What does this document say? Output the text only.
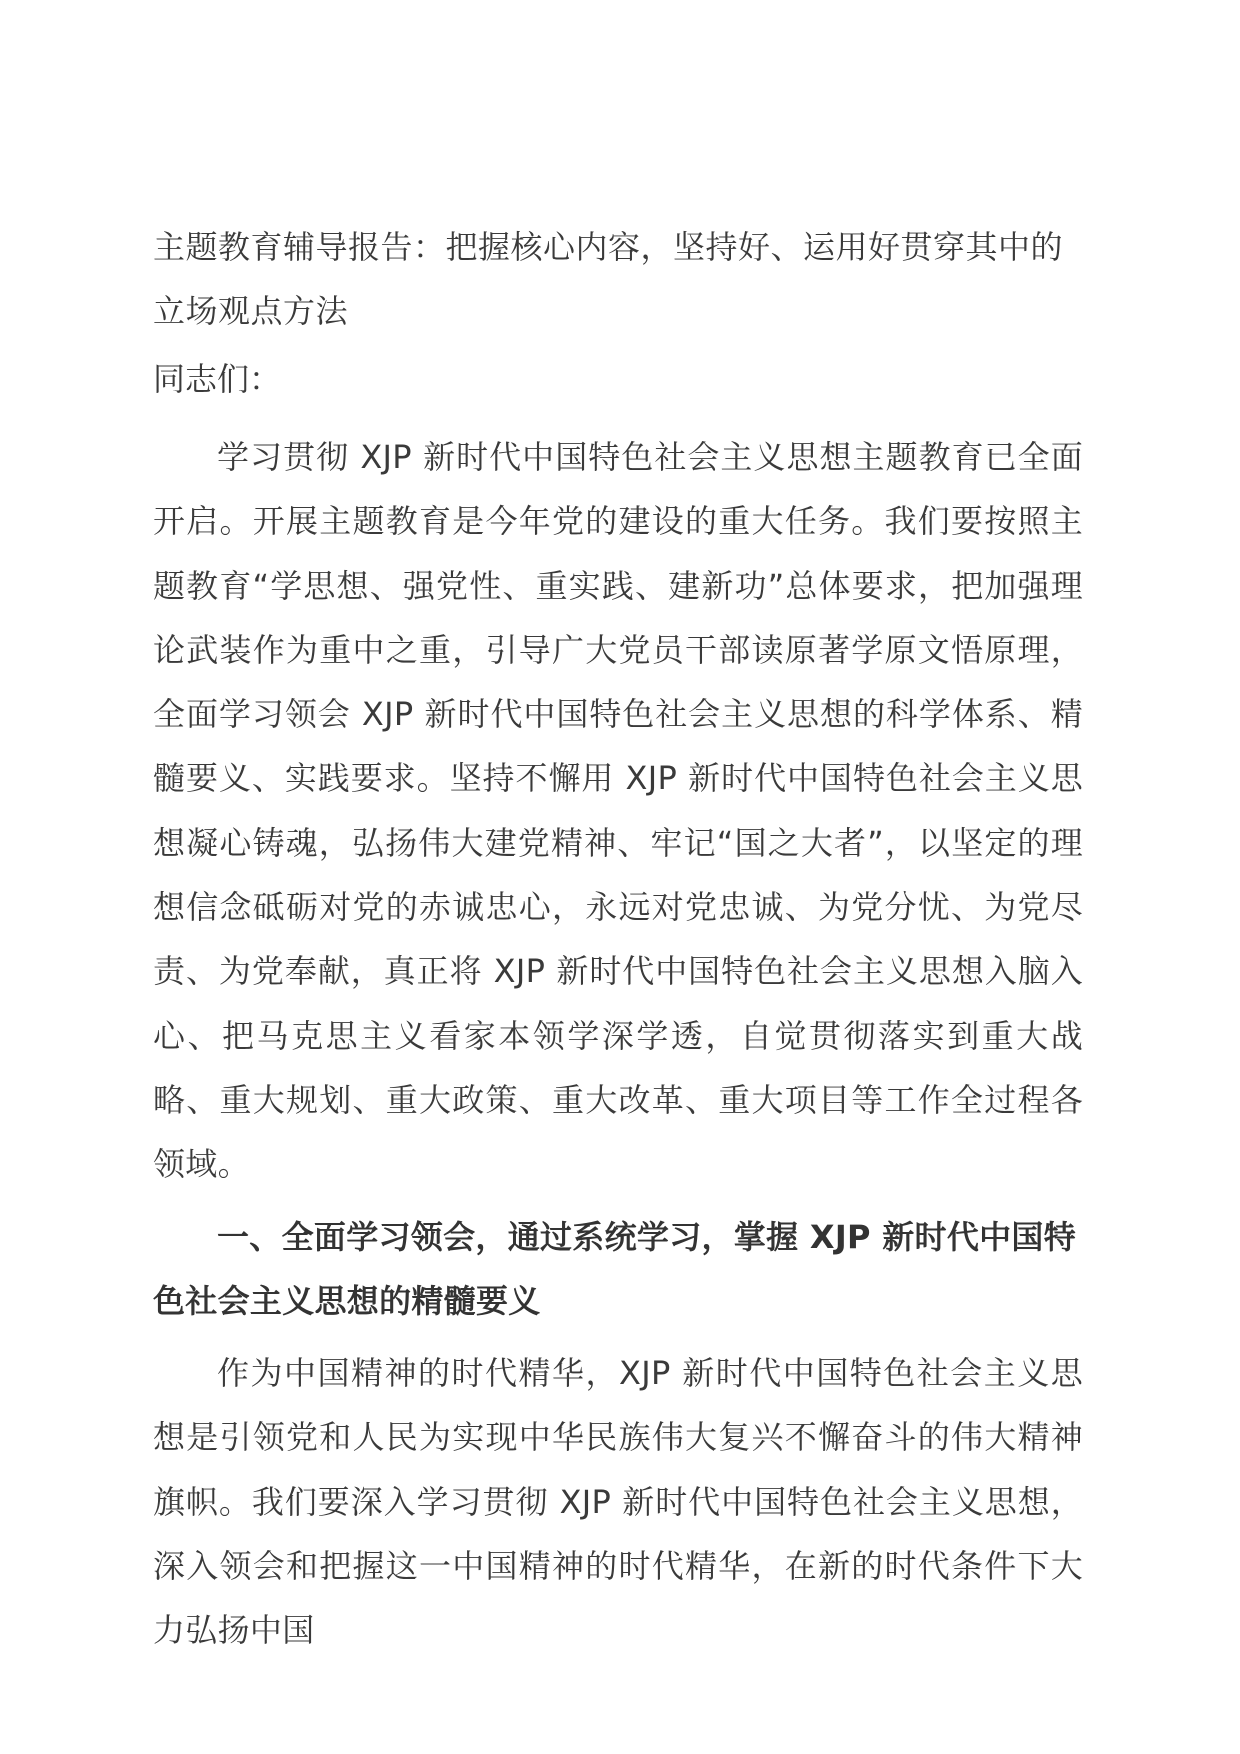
主题教育辅导报告：把握核心内容，坚持好、运用好贯穿其中的立场观点方法

同志们：

学习贯彻 XJP 新时代中国特色社会主义思想主题教育已全面开启。开展主题教育是今年党的建设的重大任务。我们要按照主题教育“学思想、强党性、重实践、建新功”总体要求，把加强理论武装作为重中之重，引导广大党员干部读原著学原文悟原理，全面学习领会 XJP 新时代中国特色社会主义思想的科学体系、精髓要义、实践要求。坚持不懈用 XJP 新时代中国特色社会主义思想凝心铸魂，弘扬伟大建党精神、牢记“国之大者”，以坚定的理想信念砥砺对党的赤诚忠心，永远对党忠诚、为党分忧、为党尽责、为党奉献，真正将 XJP 新时代中国特色社会主义思想入脑入心、把马克思主义看家本领学深学透，自觉贯彻落实到重大战略、重大规划、重大政策、重大改革、重大项目等工作全过程各领域。

一、全面学习领会，通过系统学习，掌握 XJP 新时代中国特色社会主义思想的精髓要义

作为中国精神的时代精华，XJP 新时代中国特色社会主义思想是引领党和人民为实现中华民族伟大复兴不懈奋斗的伟大精神旗帜。我们要深入学习贯彻 XJP 新时代中国特色社会主义思想，深入领会和把握这一中国精神的时代精华，在新的时代条件下大力弘扬中国
